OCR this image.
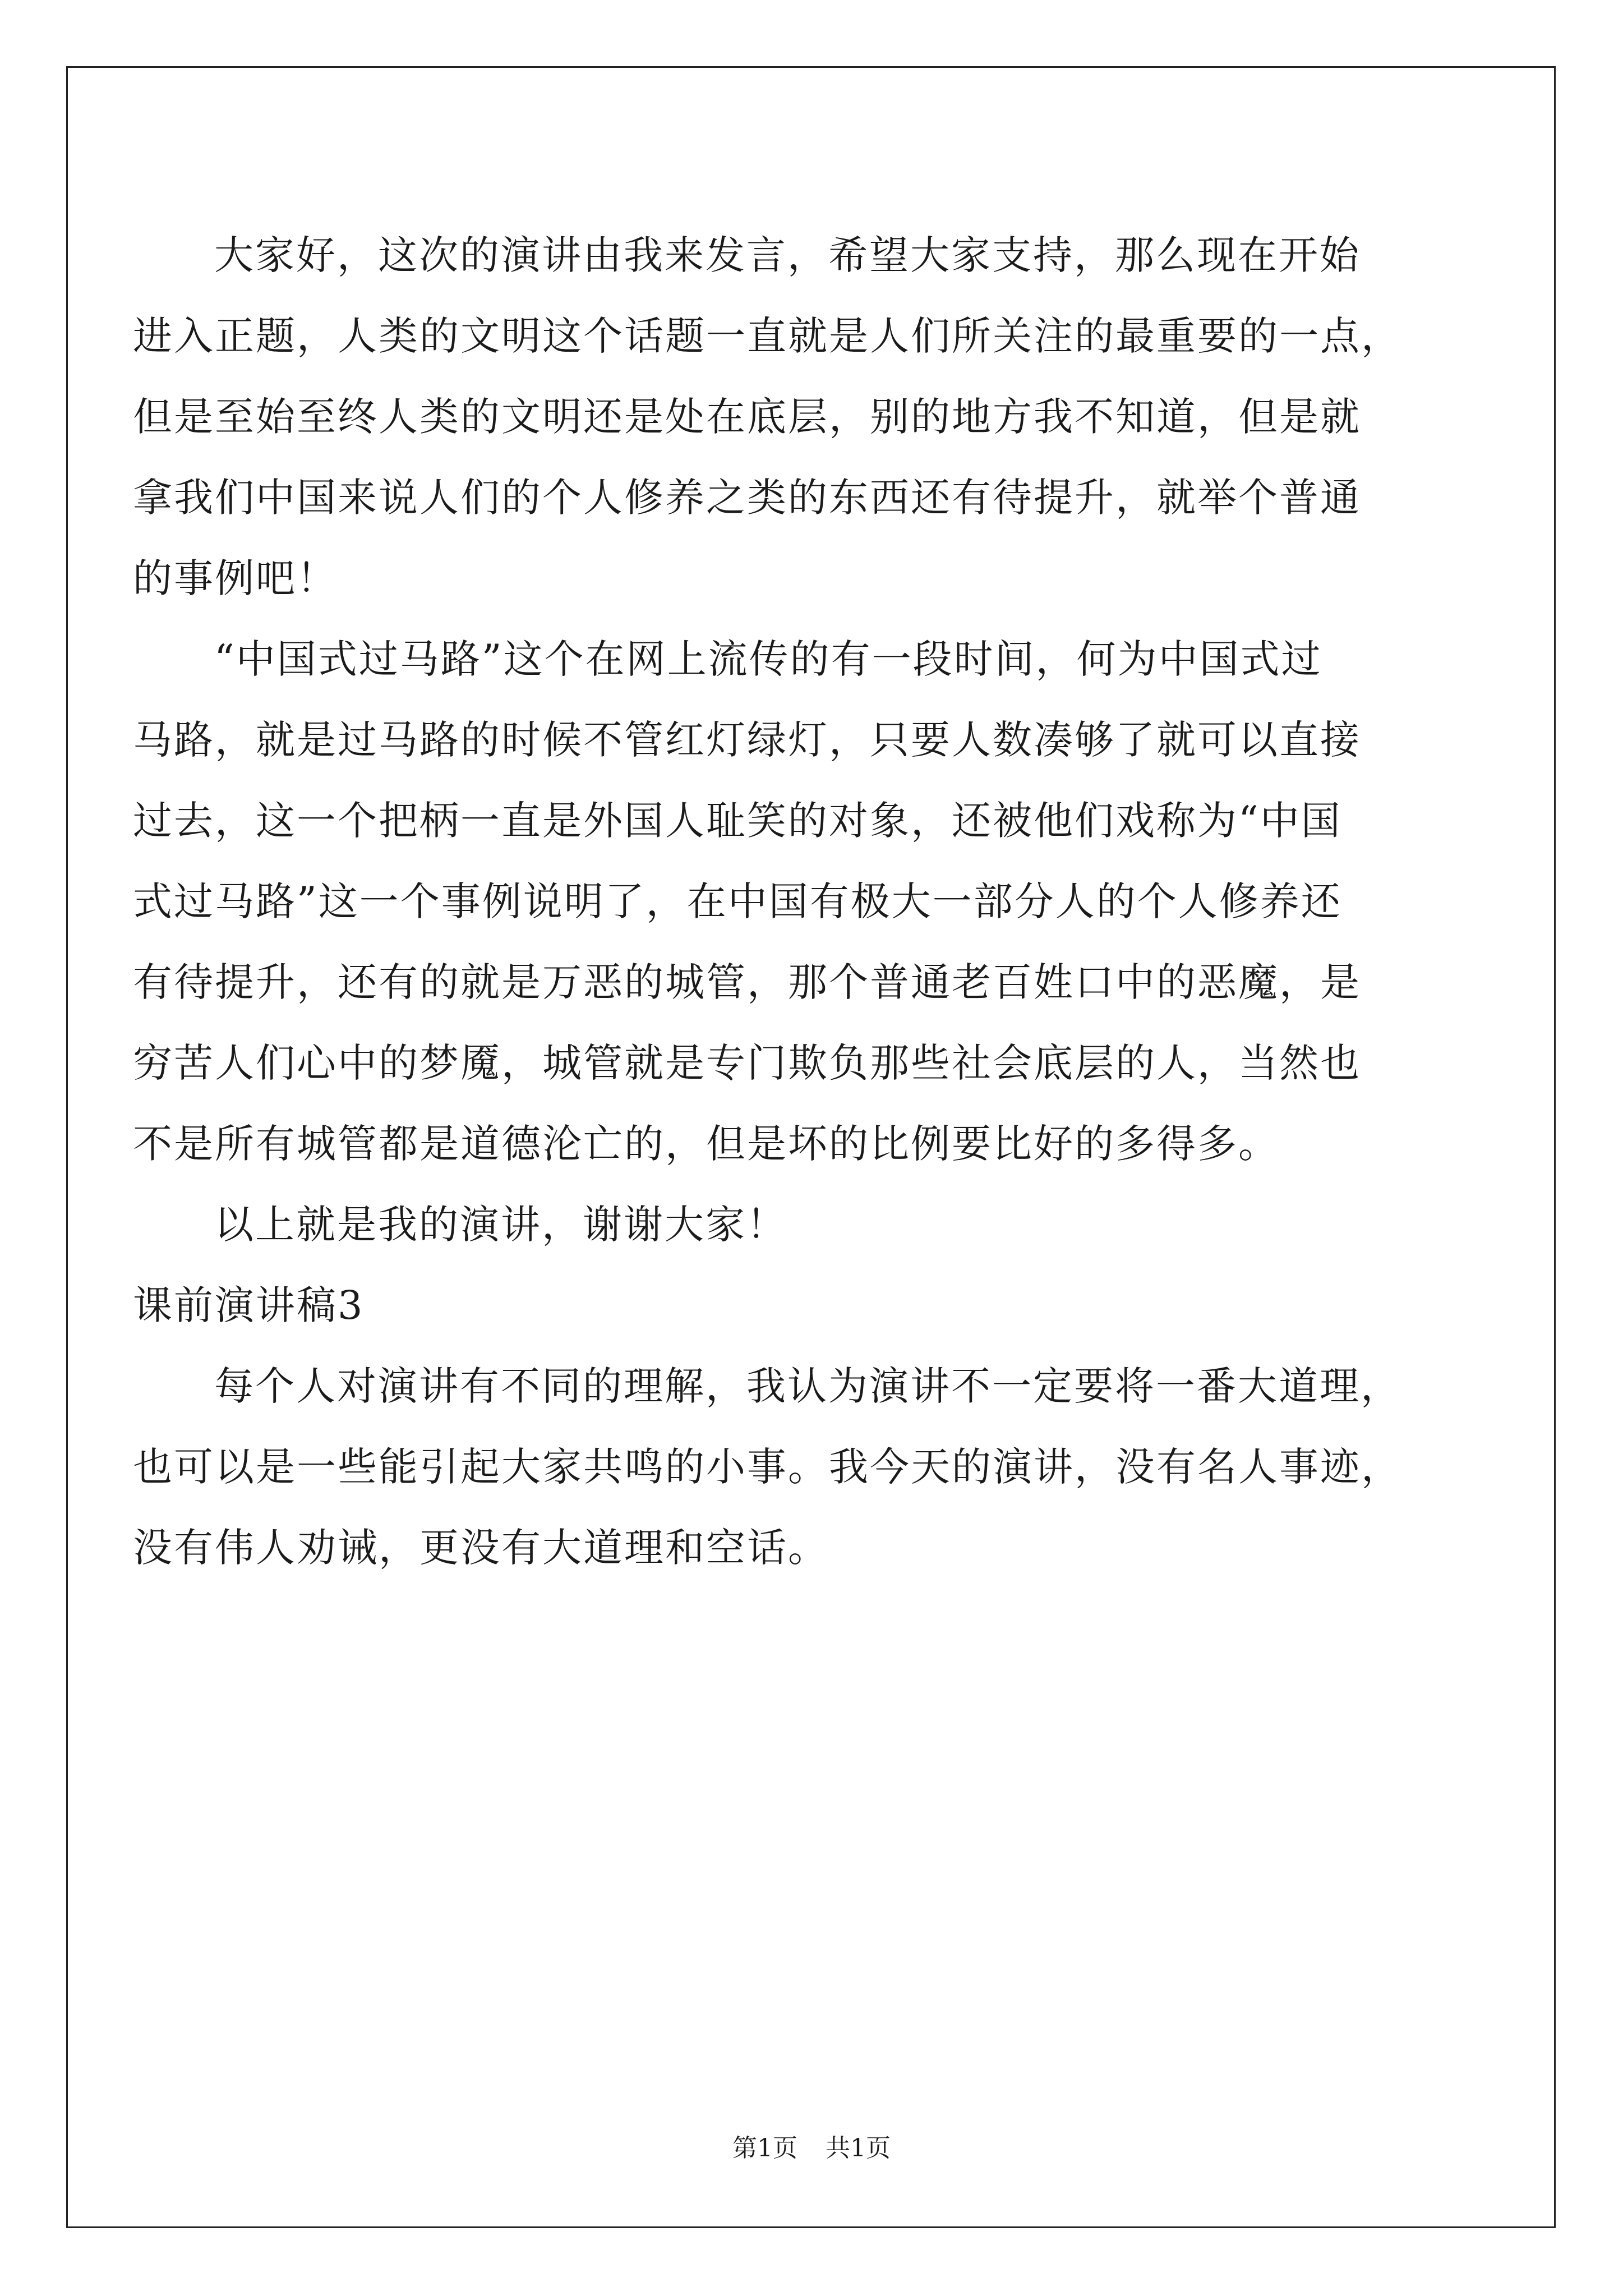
大家好，这次的演讲由我来发言，希望大家支持，那么现在开始
进入正题，人类的文明这个话题一直就是人们所关注的最重要的一点，
但是至始至终人类的文明还是处在底层，别的地方我不知道，但是就
拿我们中国来说人们的个人修养之类的东西还有待提升，就举个普通
的事例吧！
“中国式过马路”这个在网上流传的有一段时间，何为中国式过
马路，就是过马路的时候不管红灯绿灯，只要人数凑够了就可以直接
过去，这一个把柄一直是外国人耻笑的对象，还被他们戏称为“中国
式过马路”这一个事例说明了，在中国有极大一部分人的个人修养还
有待提升，还有的就是万恶的城管，那个普通老百姓口中的恶魔，是
穷苦人们心中的梦魇，城管就是专门欺负那些社会底层的人，当然也
不是所有城管都是道德沦亡的，但是坏的比例要比好的多得多。
以上就是我的演讲，谢谢大家！
课前演讲稿3
每个人对演讲有不同的理解，我认为演讲不一定要将一番大道理，
也可以是一些能引起大家共鸣的小事。我今天的演讲，没有名人事迹，
没有伟人劝诫，更没有大道理和空话。
第1页 共1页
